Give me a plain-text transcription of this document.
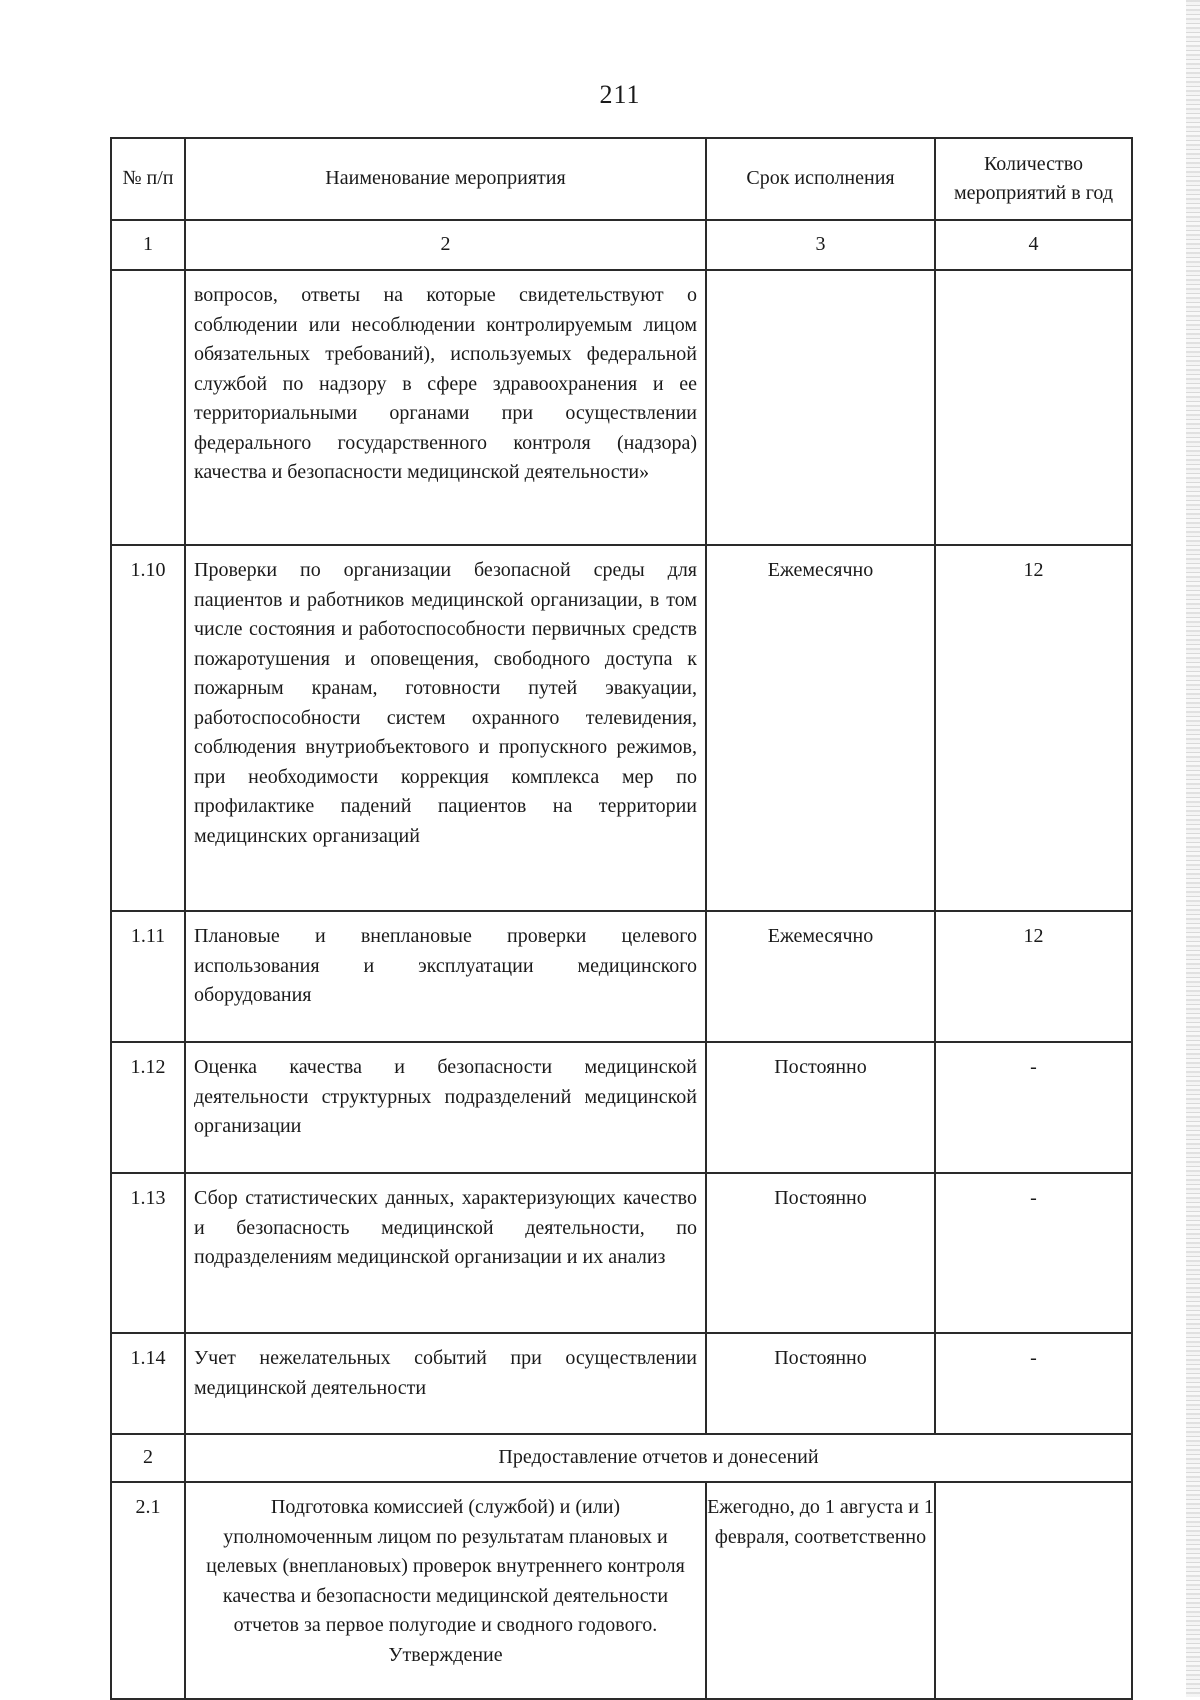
211
№ п/п	Наименование мероприятия	Срок исполнения	Количество мероприятий в год
1	2	3	4
	вопросов, ответы на которые свидетельствуют о соблюдении или несоблюдении контролируемым лицом обязательных требований), используемых федеральной службой по надзору в сфере здравоохранения и ее территориальными органами при осуществлении федерального государственного контроля (надзора) качества и безопасности медицинской деятельности»		
1.10	Проверки по организации безопасной среды для пациентов и работников медицинской организации, в том числе состояния и работоспособности первичных средств пожаротушения и оповещения, свободного доступа к пожарным кранам, готовности путей эвакуации, работоспособности систем охранного телевидения, соблюдения внутриобъектового и пропускного режимов, при необходимости коррекция комплекса мер по профилактике падений пациентов на территории медицинских организаций	Ежемесячно	12
1.11	Плановые и внеплановые проверки целевого использования и эксплуатации медицинского оборудования	Ежемесячно	12
1.12	Оценка качества и безопасности медицинской деятельности структурных подразделений медицинской организации	Постоянно	-
1.13	Сбор статистических данных, характеризующих качество и безопасность медицинской деятельности, по подразделениям медицинской организации и их анализ	Постоянно	-
1.14	Учет нежелательных событий при осуществлении медицинской деятельности	Постоянно	-
2	Предоставление отчетов и донесений		
2.1	Подготовка комиссией (службой) и (или) уполномоченным лицом по результатам плановых и целевых (внеплановых) проверок внутреннего контроля качества и безопасности медицинской деятельности отчетов за первое полугодие и сводного годового. Утверждение	Ежегодно, до 1 августа и 1 февраля, соответственно	
